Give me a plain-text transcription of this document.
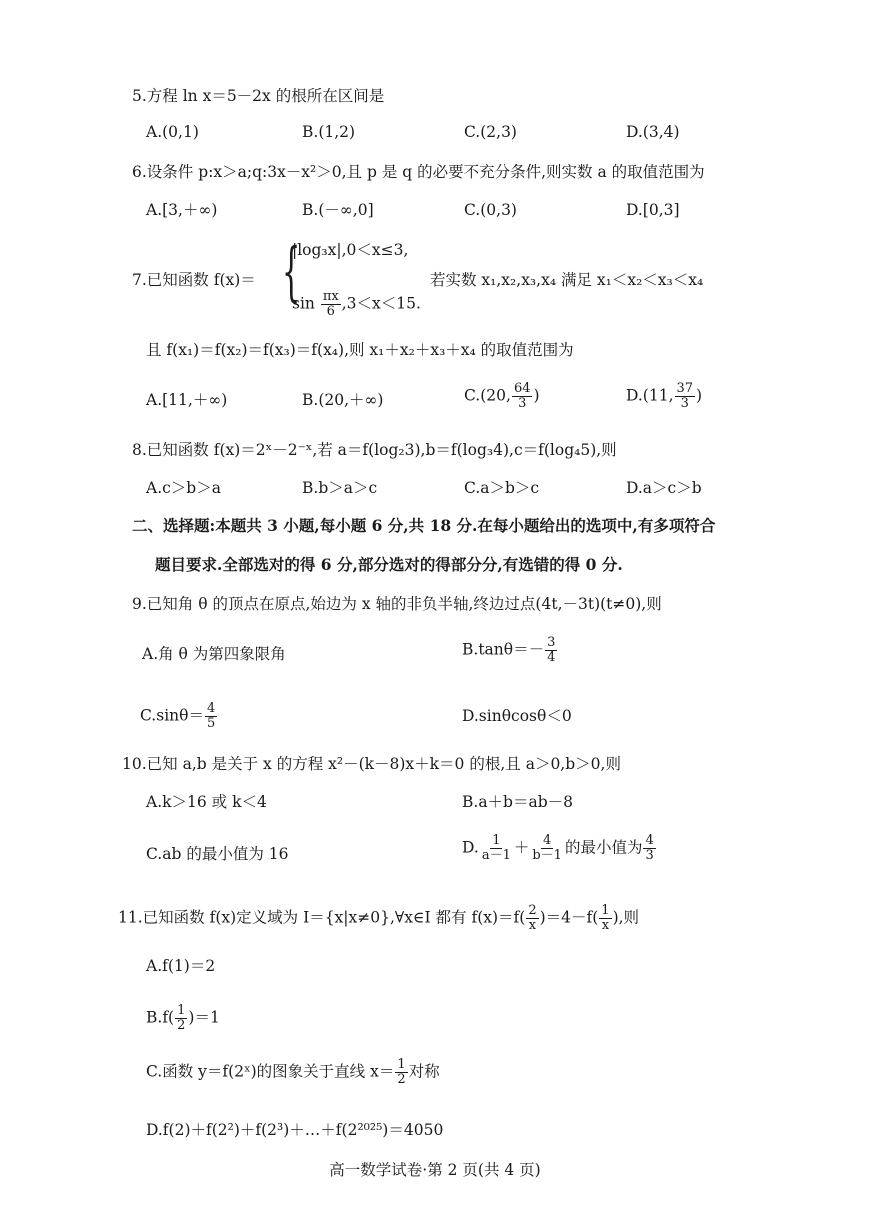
5.方程 ln x＝5－2x 的根所在区间是
A.(0,1)	B.(1,2)	C.(2,3)	D.(3,4)
6.设条件 p:x＞a;q:3x－x²＞0,且 p 是 q 的必要不充分条件,则实数 a 的取值范围为
A.[3,＋∞)	B.(－∞,0]	C.(0,3)	D.[0,3]
7.已知函数 f(x)＝ {
|log₃x|,0＜x≤3,
$\sin \frac{\pi x}{6} ,3<x<15$.
若实数 x₁,x₂,x₃,x₄ 满足 x₁＜x₂＜x₃＜x₄
且 f(x₁)＝f(x₂)＝f(x₃)＝f(x₄),则 x₁＋x₂＋x₃＋x₄ 的取值范围为
A.[11,＋∞)	B.(20,＋∞)	C.(20, $\frac{64}{3}$ )	D.(11, $\frac{37}{3}$ )
8.已知函数 f(x)＝2ˣ－2⁻ˣ,若 a＝f(log₂3),b＝f(log₃4),c＝f(log₄5),则
A.c＞b＞a	B.b＞a＞c	C.a＞b＞c	D.a＞c＞b
二、选择题:本题共 3 小题,每小题 6 分,共 18 分.在每小题给出的选项中,有多项符合
题目要求.全部选对的得 6 分,部分选对的得部分分,有选错的得 0 分.
9.已知角 θ 的顶点在原点,始边为 x 轴的非负半轴,终边过点(4t,－3t)(t≠0),则
A.角 θ 为第四象限角	$B.\tan\theta=- \frac{3}{4}$
$C.\sin\theta= \frac{4}{5}$	D.sinθcosθ＜0
10.已知 a,b 是关于 x 的方程 x²－(k－8)x＋k＝0 的根,且 a＞0,b＞0,则
A.k＞16 或 k＜4	B.a＋b＝ab－8
C.ab 的最小值为 16	D. $\frac{1}{a-1} + \frac{4}{b-1}$ 的最小值为 $\frac{4}{3}$
11.已知函数 f(x)定义域为 I＝{x|x≠0},∀x∈I 都有 $f(x)=f( \frac{2}{x} )=4-f( \frac{1}{x}$ ),则
A.f(1)＝2
$B.f( \frac{1}{2} )=1$
C.函数 y＝f(2ˣ)的图象关于直线 $x= \frac{1}{2}$ 对称
D.f(2)＋f(2²)＋f(2³)＋…＋f(2²⁰²⁵)＝4050
高一数学试卷·第 2 页(共 4 页)
